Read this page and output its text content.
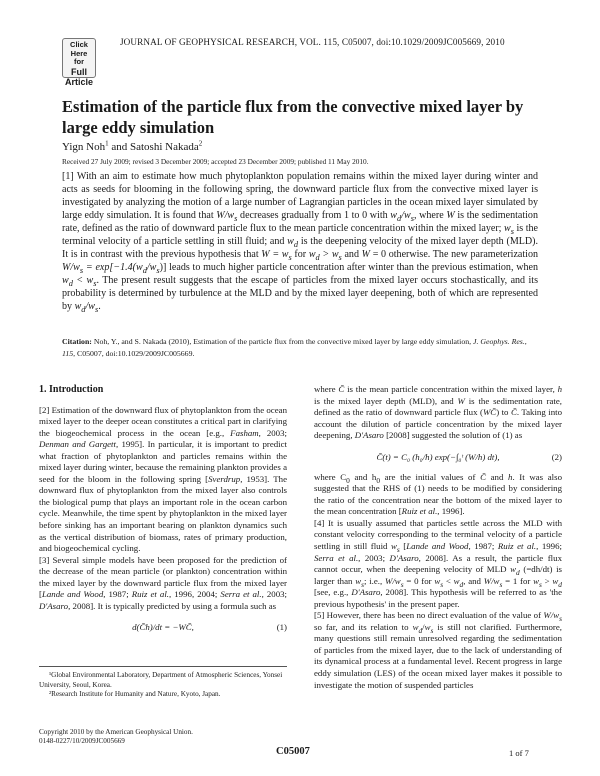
Click
Here
for
Full
Article
JOURNAL OF GEOPHYSICAL RESEARCH, VOL. 115, C05007, doi:10.1029/2009JC005669, 2010
Estimation of the particle flux from the convective mixed layer by large eddy simulation
Yign Noh$^1$ and Satoshi Nakada$^2$
Received 27 July 2009; revised 3 December 2009; accepted 23 December 2009; published 11 May 2010.
[1] With an aim to estimate how much phytoplankton population remains within the mixed layer during winter and acts as seeds for blooming in the following spring, the downward particle flux from the convective mixed layer is investigated by analyzing the motion of a large number of Lagrangian particles in the ocean mixed layer simulated by large eddy simulation. It is found that $W/w_s$ decreases gradually from 1 to 0 with $w_d/w_s$, where W is the sedimentation rate, defined as the ratio of downward particle flux to the mean particle concentration within the mixed layer; $w_s$ is the terminal velocity of a particle settling in still fluid; and $w_d$ is the deepening velocity of the mixed layer depth (MLD). It is in contrast with the previous hypothesis that $W = w_s$ for $w_d > w_s$ and W = 0 otherwise. The new parameterization $W/w_s = \exp[-1.4(w_d/w_s)]$ leads to much higher particle concentration after winter than the previous estimation, when $w_d < w_s$. The present result suggests that the escape of particles from the mixed layer occurs stochastically, and its probability is determined by turbulence at the MLD and by the mixed layer deepening, both of which are represented by $w_d/w_s$.
Citation: Noh, Y., and S. Nakada (2010), Estimation of the particle flux from the convective mixed layer by large eddy simulation, J. Geophys. Res., 115, C05007, doi:10.1029/2009JC005669.
1. Introduction

[2] Estimation of the downward flux of phytoplankton from the ocean mixed layer to the deeper ocean constitutes a critical part in clarifying the biogeochemical process in the ocean [e.g., Fasham, 2003; Denman and Gargett, 1995]. In particular, it is important to predict what fraction of phytoplankton and particles remains within the mixed layer during winter, because the remaining plankton provides a seed for the bloom in the following spring [Sverdrup, 1953]. The downward flux of phytoplankton from the mixed layer also controls the biological pump that plays an important role in the ocean carbon cycle. Meanwhile, the time spent by phytoplankton in the mixed layer before sinking has an important bearing on plankton dynamics such as the vertical distribution of biomass, rates of primary production, and biogeochemical cycling.

[3] Several simple models have been proposed for the prediction of the decrease of the mean particle (or plankton) concentration within the mixed layer by the downward particle flux from the mixed layer [Lande and Wood, 1987; Ruiz et al., 1996, 2004; Serra et al., 2003; D'Asaro, 2008]. It is typically predicted by using a formula such as

d(C̄h)/dt = −WC̄,	(1)

where C̄ is the mean particle concentration within the mixed layer, h is the mixed layer depth (MLD), and W is the sedimentation rate, defined as the ratio of downward particle flux (WC̄) to C̄. Taking into account the dilution of particle concentration by the mixed layer deepening, D'Asaro [2008] suggested the solution of (1) as

C̄(t) = C₀ (h₀/h) exp(−∫₀ᵗ (W/h) dt),	(2)

where $C_0$ and $h_0$ are the initial values of C̄ and h. It was also suggested that the RHS of (1) needs to be modified by considering the ratio of the concentration near the bottom of the mixed layer to the mean concentration [Ruiz et al., 1996].

[4] It is usually assumed that particles settle across the MLD with constant velocity corresponding to the terminal velocity of a particle settling in still fluid $w_s$ [Lande and Wood, 1987; Ruiz et al., 1996; Serra et al., 2003; D'Asaro, 2008]. As a result, the particle flux cannot occur, when the deepening velocity of MLD $w_d$ (=dh/dt) is larger than $w_s$; i.e., $W/w_s = 0$ for $w_s < w_d$, and $W/w_s = 1$ for $w_s > w_d$ [see, e.g., D'Asaro, 2008]. This hypothesis will be referred to as 'the previous hypothesis' in the present paper.

[5] However, there has been no direct evaluation of the value of $W/w_s$ so far, and its relation to $w_d/w_s$ is still not clarified. Furthermore, many questions still remain unresolved regarding the sedimentation of particles from the mixed layer, due to the lack of understanding of its dynamical process at a fundamental level. Recent progress in large eddy simulation (LES) of the ocean mixed layer makes it possible to investigate the motion of suspended particles

¹Global Environmental Laboratory, Department of Atmospheric Sciences, Yonsei University, Seoul, Korea.
²Research Institute for Humanity and Nature, Kyoto, Japan.
Copyright 2010 by the American Geophysical Union.
0148-0227/10/2009JC005669
C05007	1 of 7
